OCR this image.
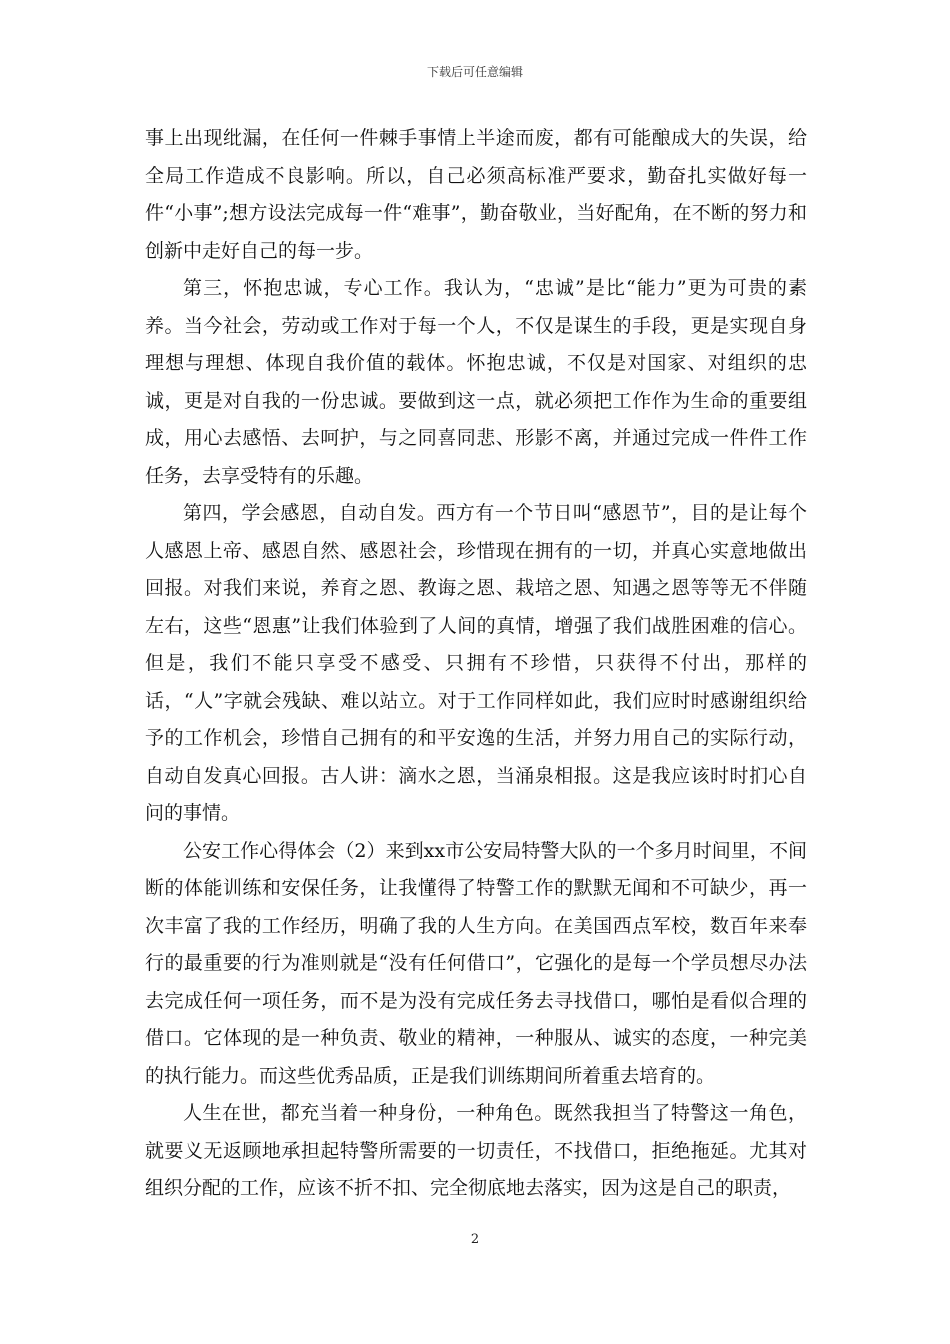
下载后可任意编辑

事上出现纰漏，在任何一件棘手事情上半途而废，都有可能酿成大的失误，给全局工作造成不良影响。所以，自己必须高标准严要求，勤奋扎实做好每一件“小事”;想方设法完成每一件“难事”，勤奋敬业，当好配角，在不断的努力和创新中走好自己的每一步。

第三，怀抱忠诚，专心工作。我认为，“忠诚”是比“能力”更为可贵的素养。当今社会，劳动或工作对于每一个人，不仅是谋生的手段，更是实现自身理想与理想、体现自我价值的载体。怀抱忠诚，不仅是对国家、对组织的忠诚，更是对自我的一份忠诚。要做到这一点，就必须把工作作为生命的重要组成，用心去感悟、去呵护，与之同喜同悲、形影不离，并通过完成一件件工作任务，去享受特有的乐趣。

第四，学会感恩，自动自发。西方有一个节日叫“感恩节”，目的是让每个人感恩上帝、感恩自然、感恩社会，珍惜现在拥有的一切，并真心实意地做出回报。对我们来说，养育之恩、教诲之恩、栽培之恩、知遇之恩等等无不伴随左右，这些“恩惠”让我们体验到了人间的真情，增强了我们战胜困难的信心。但是，我们不能只享受不感受、只拥有不珍惜，只获得不付出，那样的话，“人”字就会残缺、难以站立。对于工作同样如此，我们应时时感谢组织给予的工作机会，珍惜自己拥有的和平安逸的生活，并努力用自己的实际行动，自动自发真心回报。古人讲：滴水之恩，当涌泉相报。这是我应该时时扪心自问的事情。

公安工作心得体会（2）来到xx市公安局特警大队的一个多月时间里，不间断的体能训练和安保任务，让我懂得了特警工作的默默无闻和不可缺少，再一次丰富了我的工作经历，明确了我的人生方向。在美国西点军校，数百年来奉行的最重要的行为准则就是“没有任何借口”，它强化的是每一个学员想尽办法去完成任何一项任务，而不是为没有完成任务去寻找借口，哪怕是看似合理的借口。它体现的是一种负责、敬业的精神，一种服从、诚实的态度，一种完美的执行能力。而这些优秀品质，正是我们训练期间所着重去培育的。

人生在世，都充当着一种身份，一种角色。既然我担当了特警这一角色，就要义无返顾地承担起特警所需要的一切责任，不找借口，拒绝拖延。尤其对组织分配的工作，应该不折不扣、完全彻底地去落实，因为这是自己的职责，

2
